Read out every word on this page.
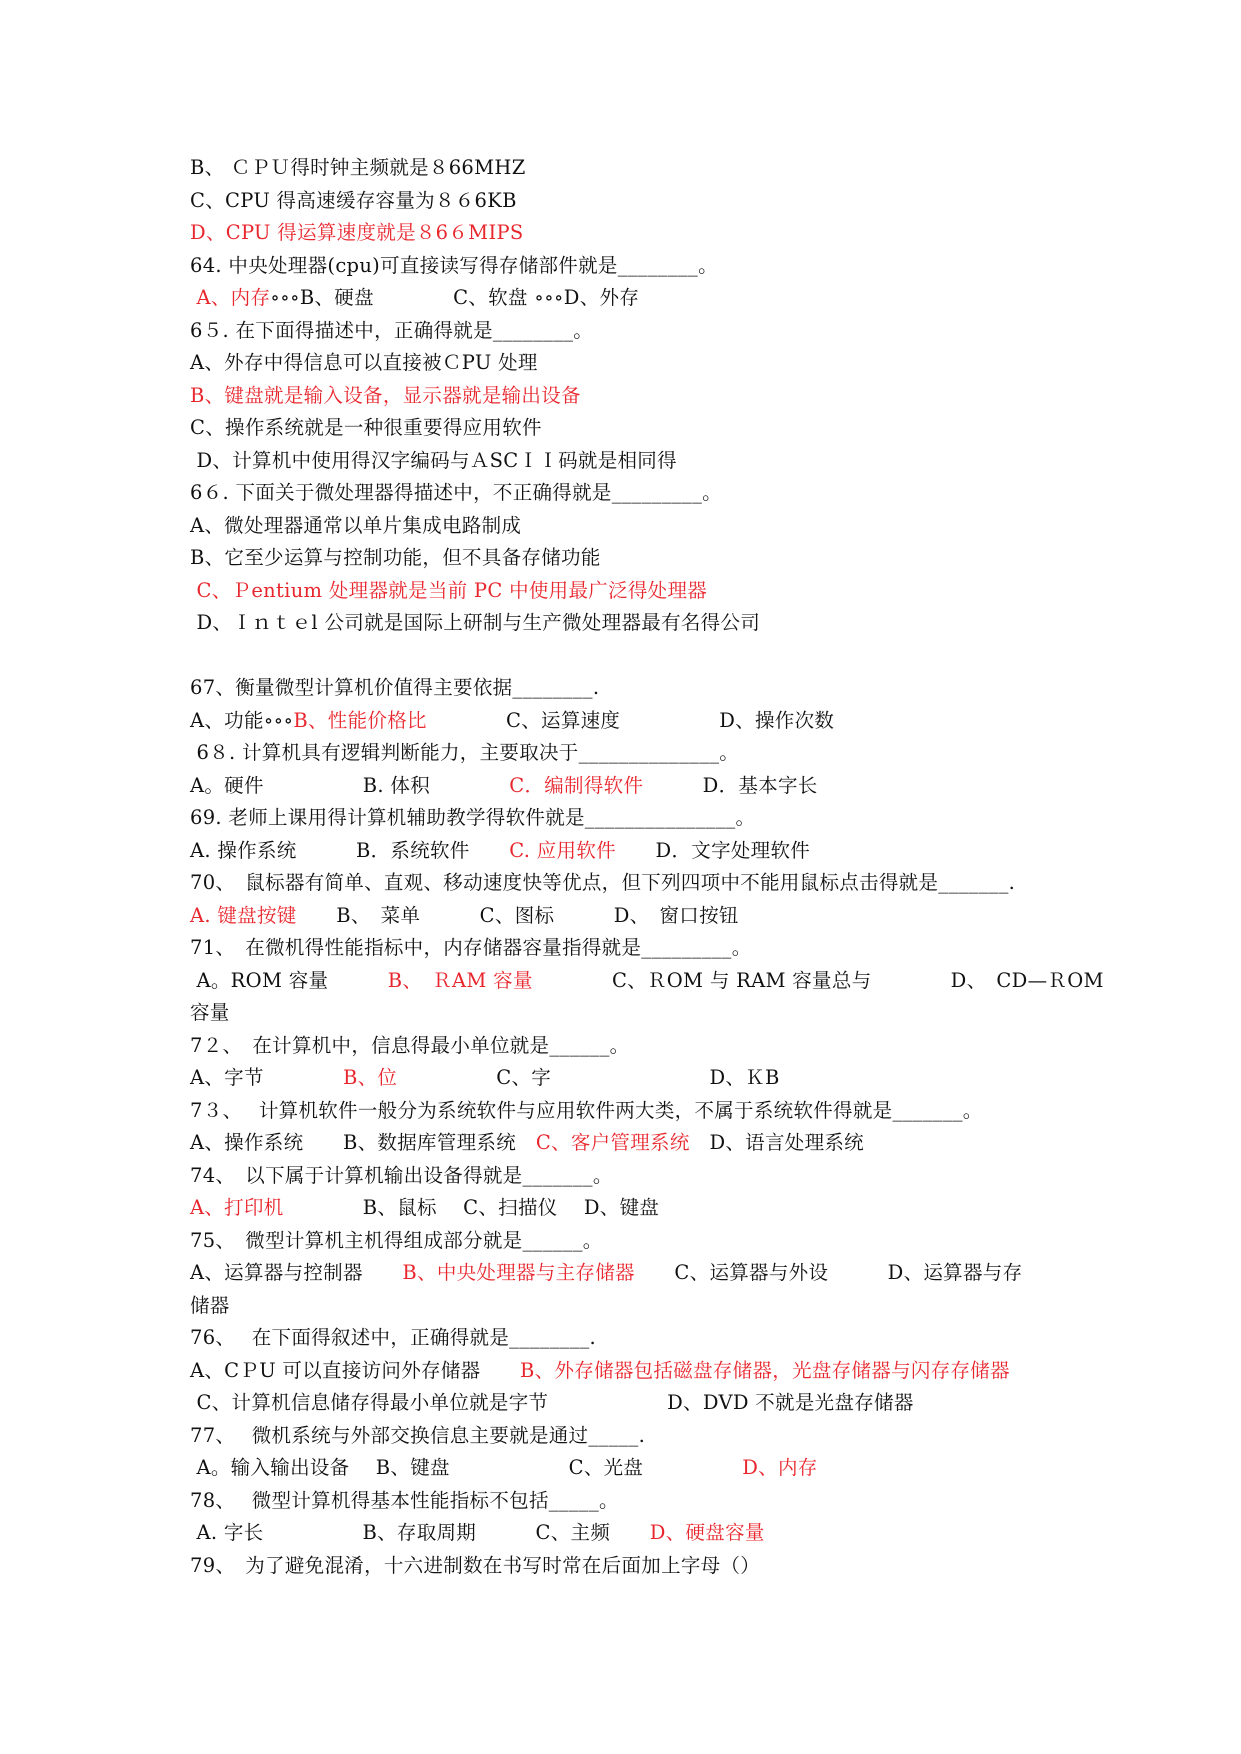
B、 ＣＰＵ得时钟主频就是８66MHZ
C、CPU 得高速缓存容量为８６6KB
D、CPU 得运算速度就是８6６MIPS
64. 中央处理器(cpu)可直接读写得存储部件就是________。
A、内存∘∘∘B、硬盘　　　　C、软盘 ∘∘∘D、外存
6５. 在下面得描述中，正确得就是________。
A、外存中得信息可以直接被ＣPU 处理
B、键盘就是输入设备，显示器就是输出设备
C、操作系统就是一种很重要得应用软件
D、计算机中使用得汉字编码与ＡSCＩＩ码就是相同得
6６. 下面关于微处理器得描述中，不正确得就是_________。
A、微处理器通常以单片集成电路制成
B、它至少运算与控制功能，但不具备存储功能
C、Ｐentium 处理器就是当前 PC 中使用最广泛得处理器
D、Ｉｎｔｅl 公司就是国际上研制与生产微处理器最有名得公司
67、衡量微型计算机价值得主要依据________.
A、功能∘∘∘B、性能价格比　　　　C、运算速度　　　　　D、操作次数
6８. 计算机具有逻辑判断能力，主要取决于______________。
A。硬件　　　　　B. 体积　　　　C．编制得软件　　　D．基本字长
69. 老师上课用得计算机辅助教学得软件就是_______________。
A. 操作系统　　　B．系统软件　　C. 应用软件　　D．文字处理软件
70、　鼠标器有简单、直观、移动速度快等优点，但下列四项中不能用鼠标点击得就是_______.
A. 键盘按键　　B、　菜单　　　C、图标　　　D、　窗口按钮
71、　在微机得性能指标中，内存储器容量指得就是_________。
A。ROM 容量　　　B、　ＲAM 容量　　　　C、ＲOM 与 RAM 容量总与　　　　D、　CD—ＲOM
容量
7２、　在计算机中，信息得最小单位就是______。
A、字节　　　　B、位　　　　　C、字　　　　　　　　D、ＫB
7３、　 计算机软件一般分为系统软件与应用软件两大类，不属于系统软件得就是_______。
A、操作系统　　B、数据库管理系统　C、客户管理系统　D、语言处理系统
74、　以下属于计算机输出设备得就是_______。
A、打印机　　　　B、鼠标　 C、扫描仪　 D、键盘
75、　微型计算机主机得组成部分就是______。
A、运算器与控制器　　B、中央处理器与主存储器　　C、运算器与外设　　　D、运算器与存
储器
76、　 在下面得叙述中，正确得就是________.
A、CＰU 可以直接访问外存储器　　B、外存储器包括磁盘存储器，光盘存储器与闪存存储器
C、计算机信息储存得最小单位就是字节　　　　　　D、DVD 不就是光盘存储器
77、　 微机系统与外部交换信息主要就是通过_____.
A。输入输出设备　 B、键盘　　　　　　C、光盘　　　　　D、内存
78、　 微型计算机得基本性能指标不包括_____。
A. 字长　　　　　B、存取周期　　　C、主频　　D、硬盘容量
79、　为了避免混淆，十六进制数在书写时常在后面加上字母（）
